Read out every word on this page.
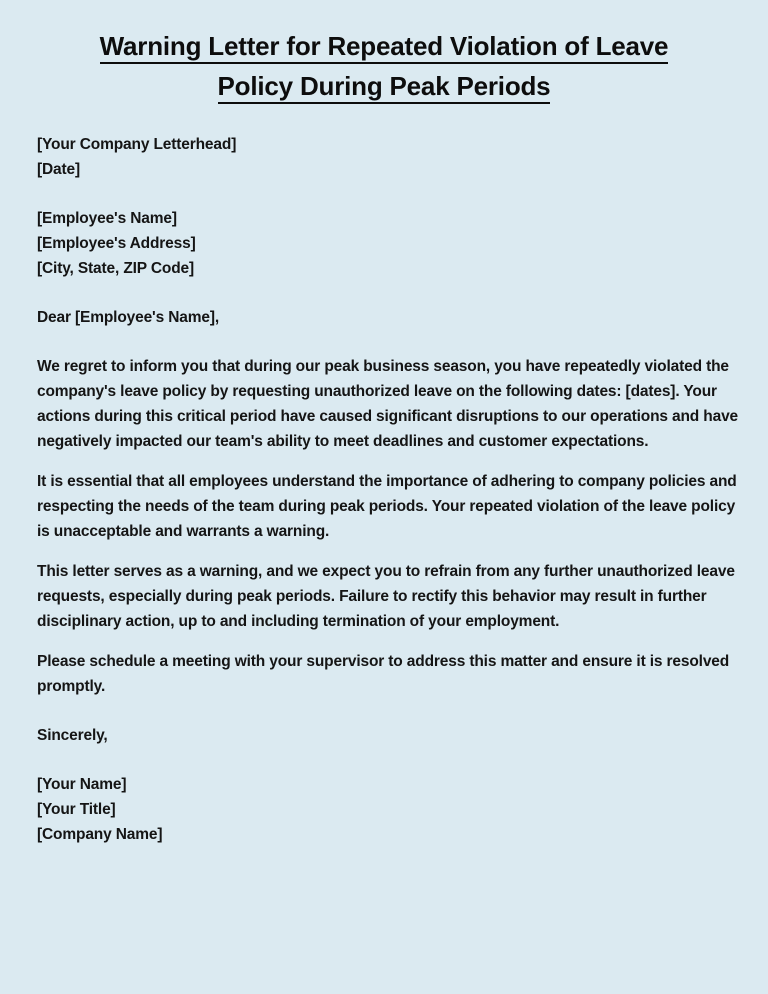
Warning Letter for Repeated Violation of Leave
Policy During Peak Periods
[Your Company Letterhead]
[Date]
[Employee's Name]
[Employee's Address]
[City, State, ZIP Code]
Dear [Employee's Name],

We regret to inform you that during our peak business season, you have repeatedly violated the company's leave policy by requesting unauthorized leave on the following dates: [dates]. Your actions during this critical period have caused significant disruptions to our operations and have negatively impacted our team's ability to meet deadlines and customer expectations.

It is essential that all employees understand the importance of adhering to company policies and respecting the needs of the team during peak periods. Your repeated violation of the leave policy is unacceptable and warrants a warning.

This letter serves as a warning, and we expect you to refrain from any further unauthorized leave requests, especially during peak periods. Failure to rectify this behavior may result in further disciplinary action, up to and including termination of your employment.

Please schedule a meeting with your supervisor to address this matter and ensure it is resolved promptly.

Sincerely,
[Your Name]
[Your Title]
[Company Name]
